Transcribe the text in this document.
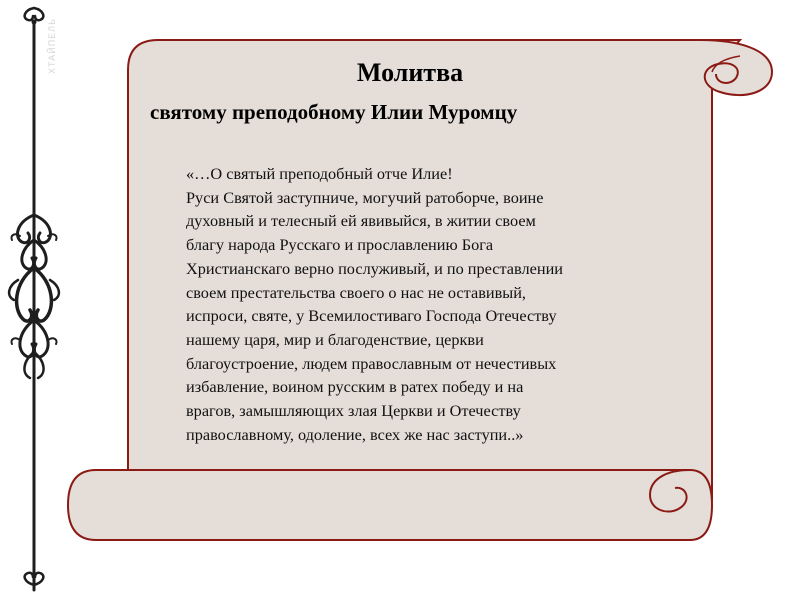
ХТАЙПЕЛЬ	Молитва
святому преподобному Илии Муромцу
«…О святый преподобный отче Илие!
Руси Святой заступниче, могучий ратоборче, воине
духовный и телесный ей явивыйся, в житии своем
благу народа Русскаго и прославлению Бога
Христианскаго верно послуживый, и по преставлении
своем престательства своего о нас не оставивый,
испроси, святе, у Всемилостиваго Господа Отечеству
нашему царя, мир и благоденствие, церкви
благоустроение, людем православным от нечестивых
избавление, воином русским в ратех победу и на
врагов, замышляющих злая Церкви и Отечеству
православному, одоление, всех же нас заступи..»
